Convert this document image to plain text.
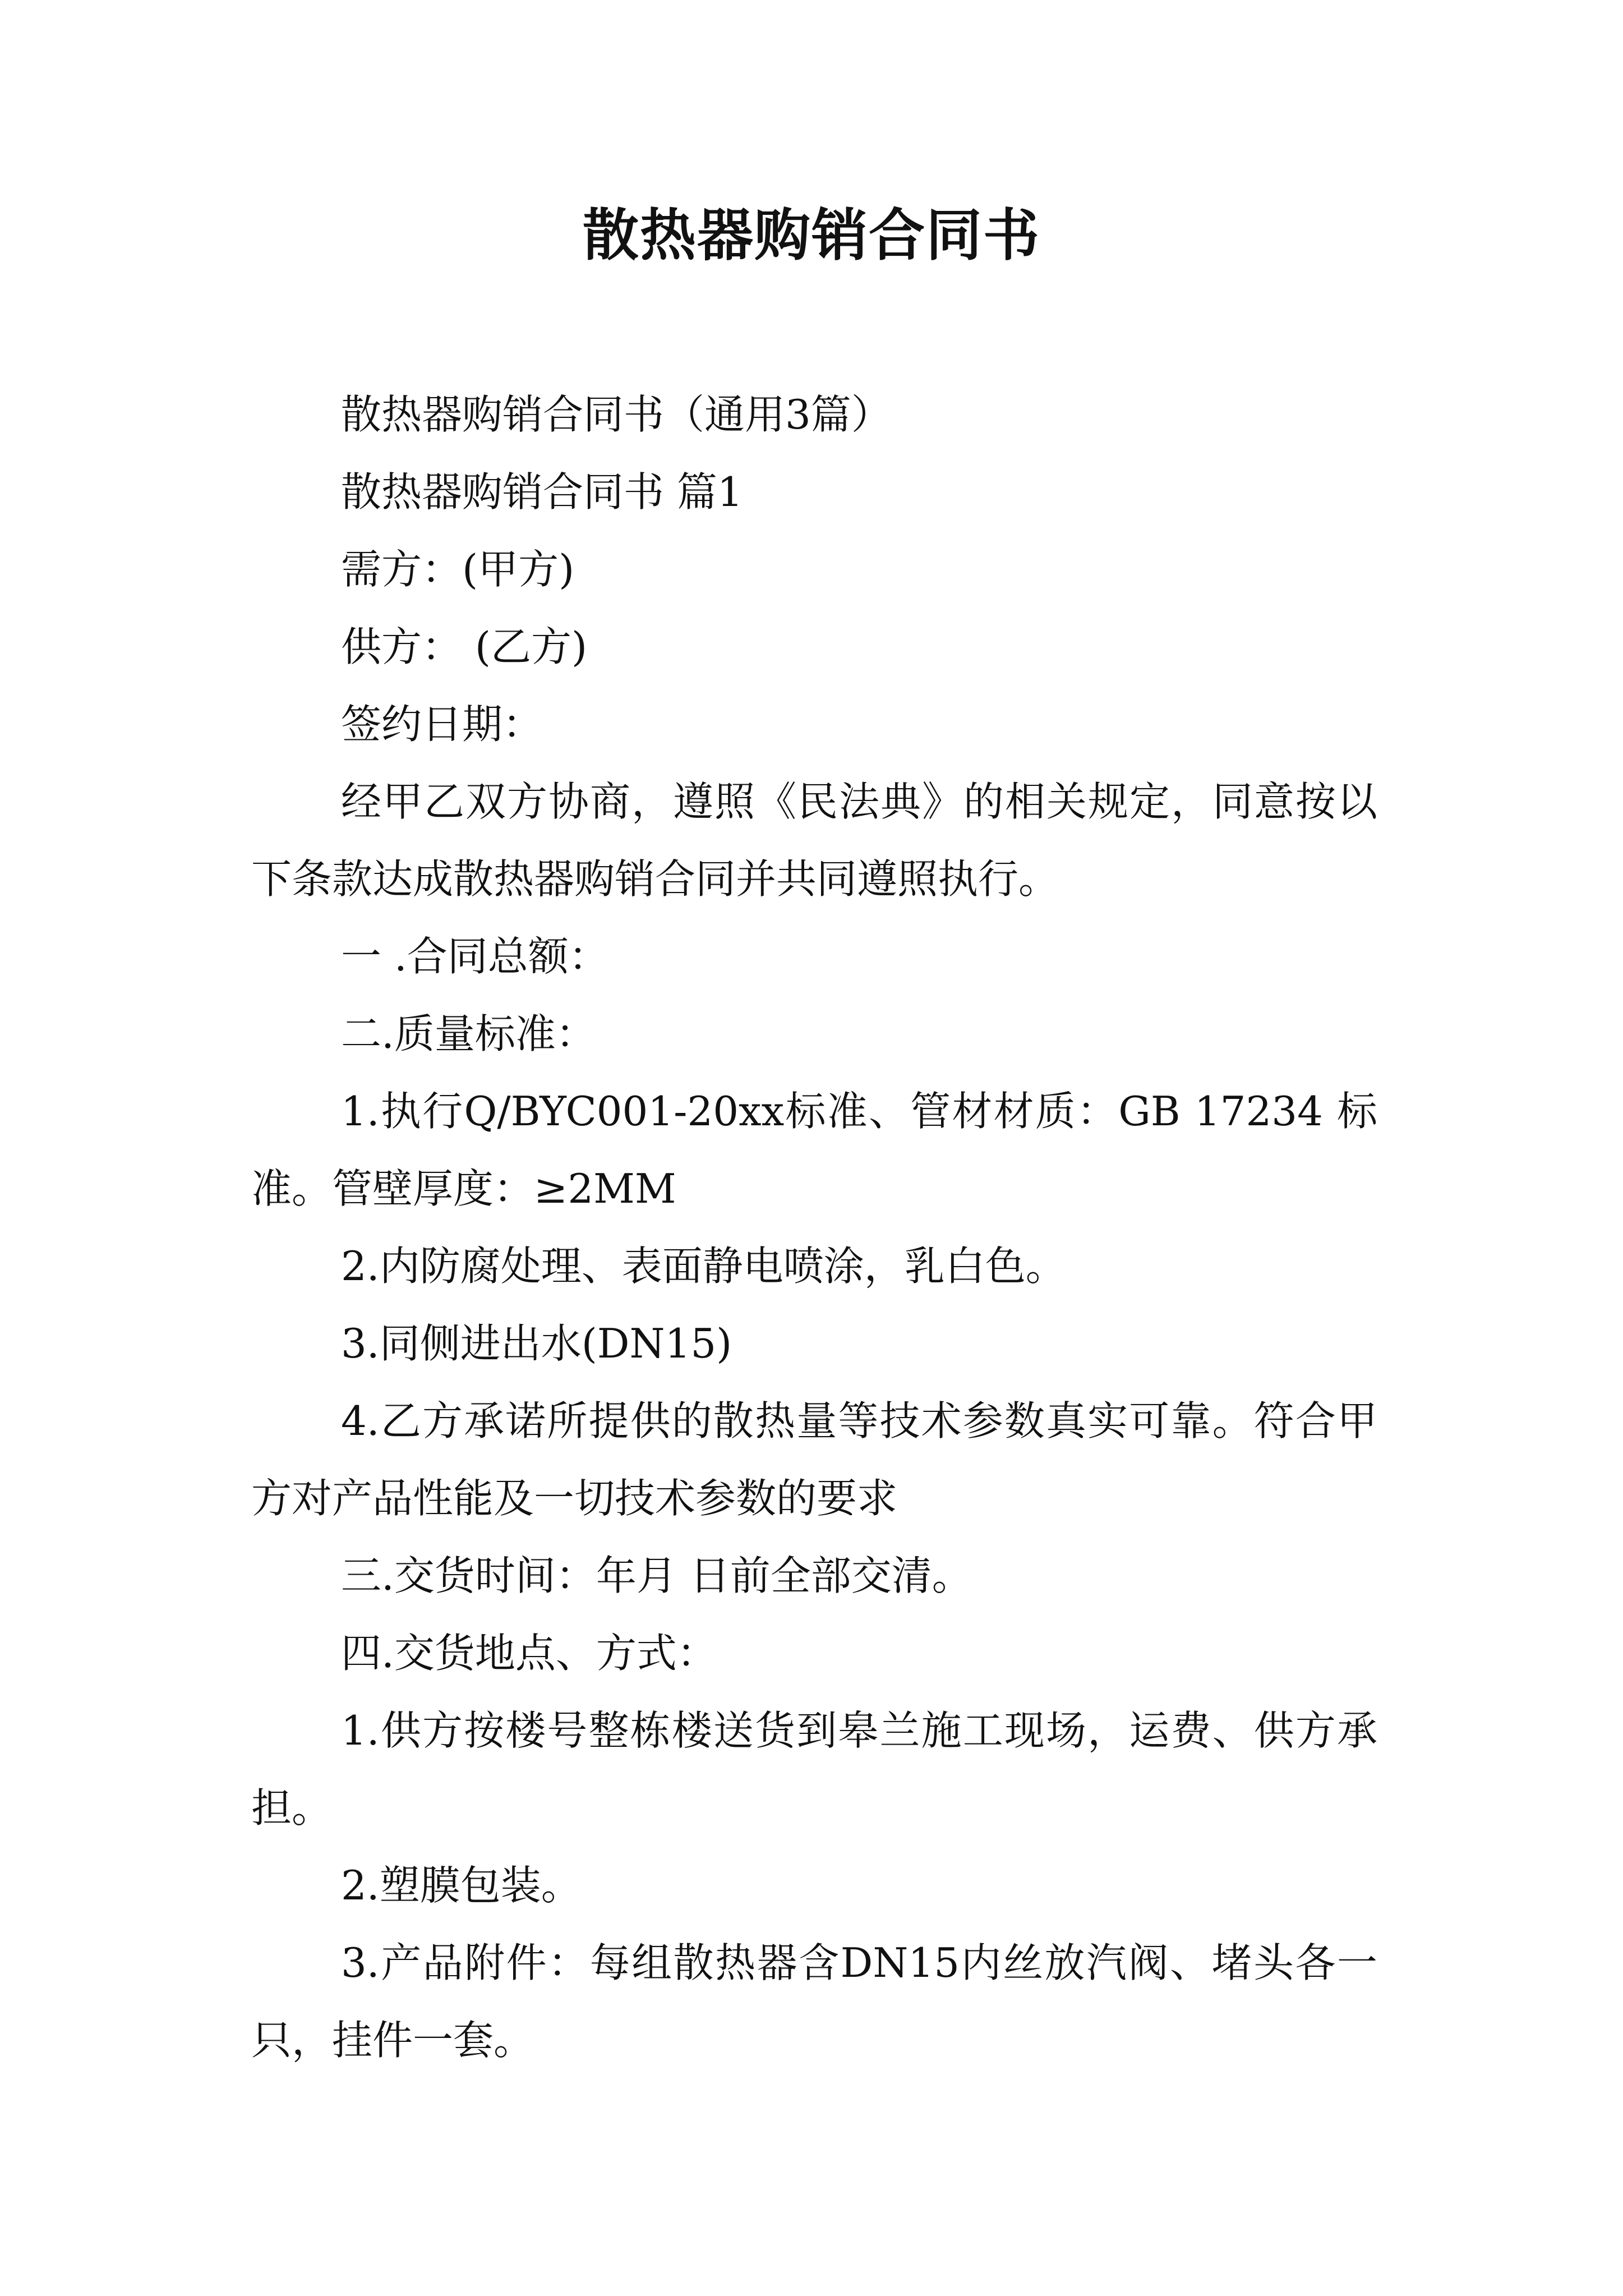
散热器购销合同书

散热器购销合同书（通用3篇）

散热器购销合同书 篇1

需方：(甲方)

供方： (乙方)

签约日期：

经甲乙双方协商，遵照《民法典》的相关规定，同意按以下条款达成散热器购销合同并共同遵照执行。

一 .合同总额：

二.质量标准：

1.执行Q/BYC001-20xx标准、管材材质：GB 17234 标准。管壁厚度：≥2MM

2.内防腐处理、表面静电喷涂，乳白色。

3.同侧进出水(DN15)

4.乙方承诺所提供的散热量等技术参数真实可靠。符合甲方对产品性能及一切技术参数的要求

三.交货时间：年月 日前全部交清。

四.交货地点、方式：

1.供方按楼号整栋楼送货到皋兰施工现场，运费、供方承担。

2.塑膜包装。

3.产品附件：每组散热器含DN15内丝放汽阀、堵头各一只，挂件一套。
